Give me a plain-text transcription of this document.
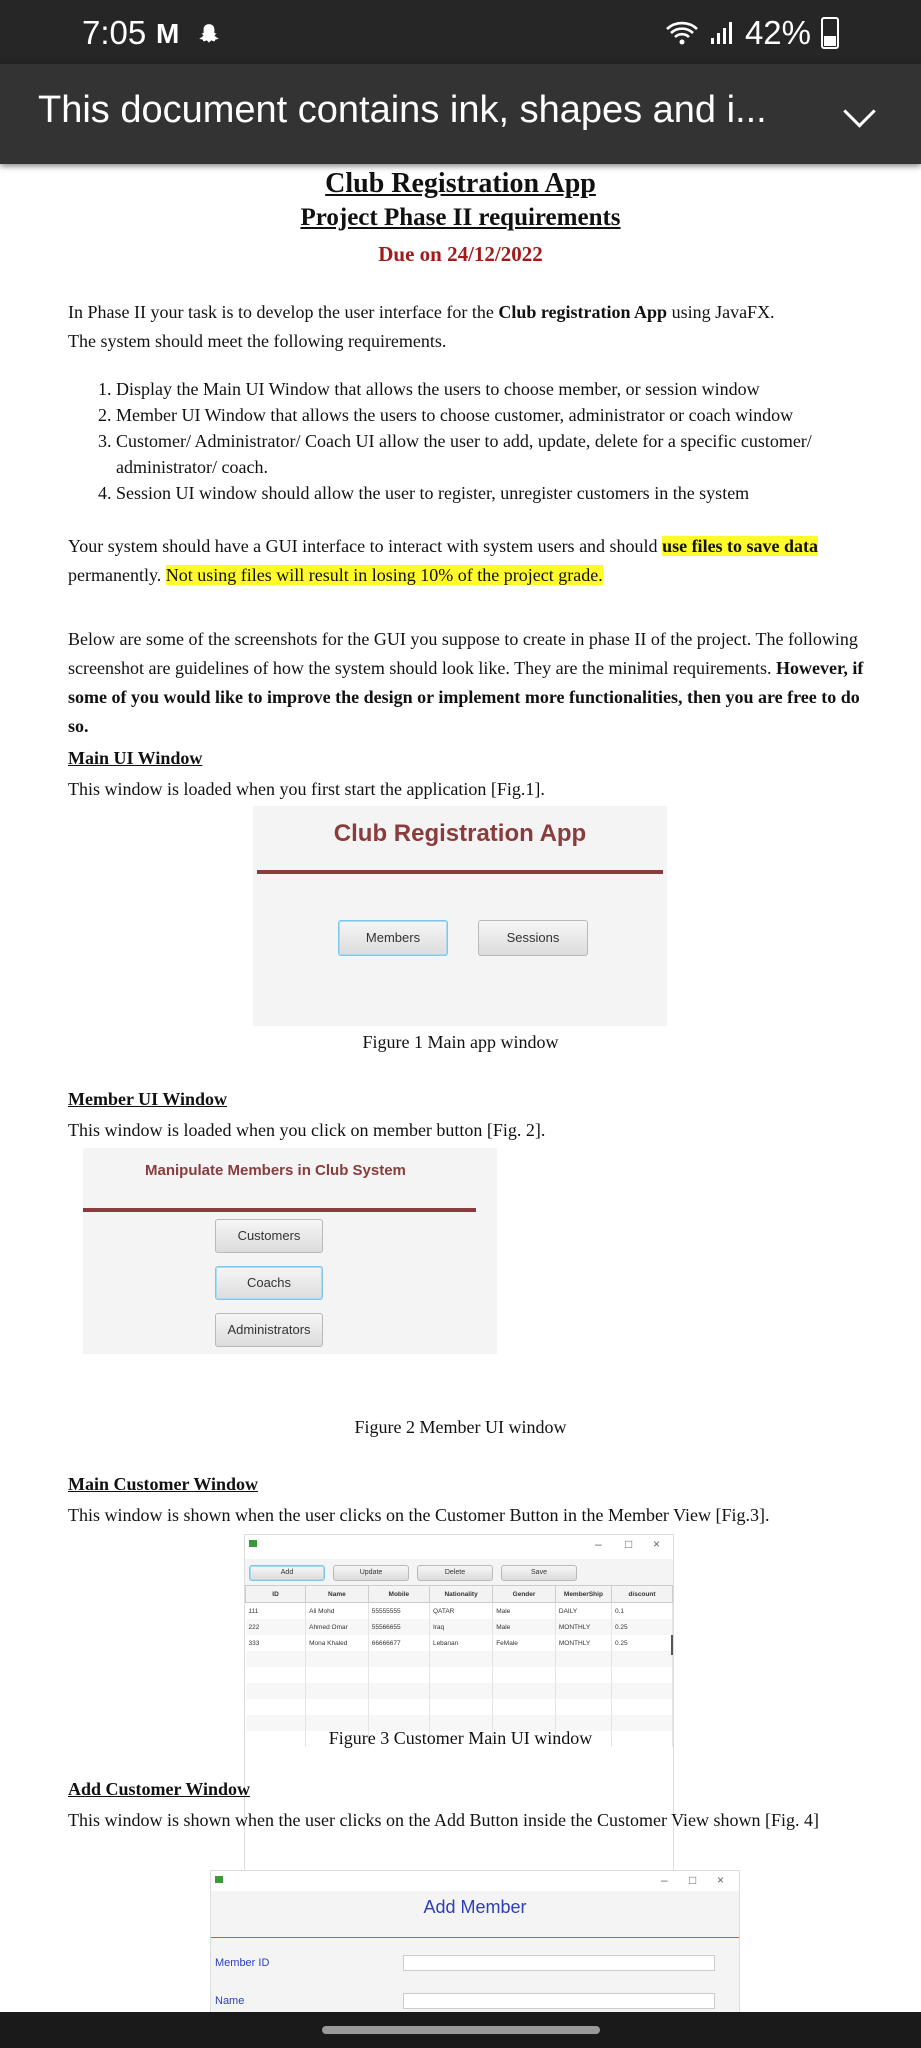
7:05 M	42%
This document contains ink, shapes and i...
Club Registration App
Project Phase II requirements
Due on 24/12/2022
In Phase II your task is to develop the user interface for the Club registration App using JavaFX.
The system should meet the following requirements.
1. Display the Main UI Window that allows the users to choose member, or session window
2. Member UI Window that allows the users to choose customer, administrator or coach window
3. Customer/ Administrator/ Coach UI allow the user to add, update, delete for a specific customer/ administrator/ coach.
4. Session UI window should allow the user to register, unregister customers in the system
Your system should have a GUI interface to interact with system users and should use files to save data permanently. Not using files will result in losing 10% of the project grade.
Below are some of the screenshots for the GUI you suppose to create in phase II of the project. The following screenshot are guidelines of how the system should look like. They are the minimal requirements. However, if some of you would like to improve the design or implement more functionalities, then you are free to do so.
Main UI Window
This window is loaded when you first start the application [Fig.1].
Club Registration App
Members	Sessions
Figure 1 Main app window
Member UI Window
This window is loaded when you click on member button [Fig. 2].
Manipulate Members in Club System
Customers
Coachs
Administrators
Figure 2 Member UI window
Main Customer Window
This window is shown when the user clicks on the Customer Button in the Member View [Fig.3].
– □ ×
Add	Update	Delete	Save
ID	Name	Mobile	Nationality	Gender	MemberShip	discount
111	Ali Mohd	55555555	QATAR	Male	DAILY	0.1
222	Ahmed Omar	55566655	Iraq	Male	MONTHLY	0.25
333	Mona Khaled	66666677	Lebanan	FeMale	MONTHLY	0.25

Figure 3 Customer Main UI window
Add Customer Window
This window is shown when the user clicks on the Add Button inside the Customer View shown [Fig. 4]
– □ ×
Add Member
Member ID
Name
